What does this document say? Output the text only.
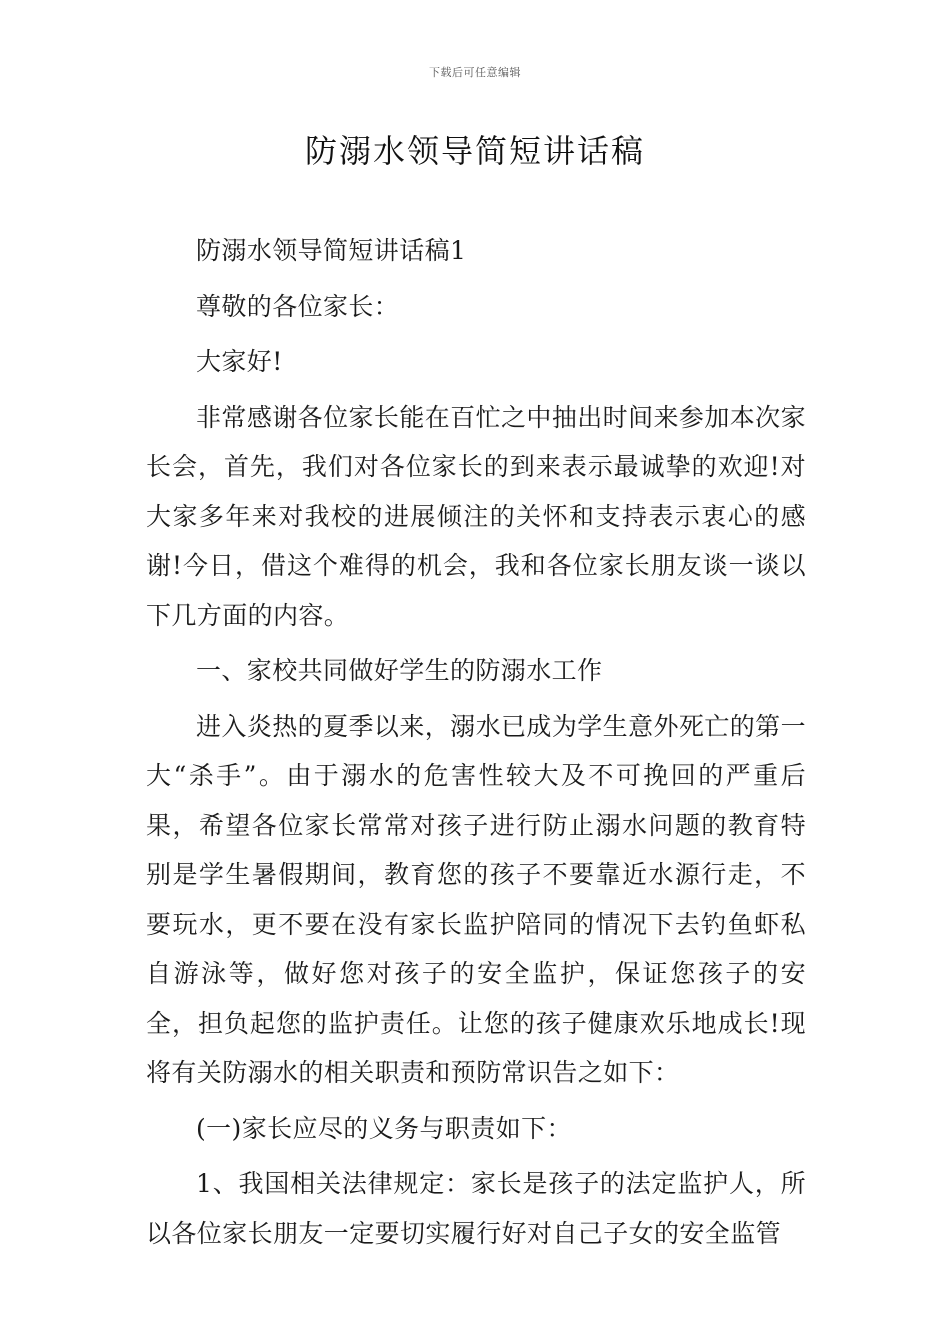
下载后可任意编辑
防溺水领导简短讲话稿

防溺水领导简短讲话稿1

尊敬的各位家长：

大家好!

非常感谢各位家长能在百忙之中抽出时间来参加本次家长会，首先，我们对各位家长的到来表示最诚挚的欢迎!对大家多年来对我校的进展倾注的关怀和支持表示衷心的感谢!今日，借这个难得的机会，我和各位家长朋友谈一谈以下几方面的内容。

一、家校共同做好学生的防溺水工作

进入炎热的夏季以来，溺水已成为学生意外死亡的第一大“杀手”。由于溺水的危害性较大及不可挽回的严重后果，希望各位家长常常对孩子进行防止溺水问题的教育特别是学生暑假期间，教育您的孩子不要靠近水源行走，不要玩水，更不要在没有家长监护陪同的情况下去钓鱼虾私自游泳等，做好您对孩子的安全监护，保证您孩子的安全，担负起您的监护责任。让您的孩子健康欢乐地成长!现将有关防溺水的相关职责和预防常识告之如下：

(一)家长应尽的义务与职责如下：

1、我国相关法律规定：家长是孩子的法定监护人，所以各位家长朋友一定要切实履行好对自己子女的安全监管
